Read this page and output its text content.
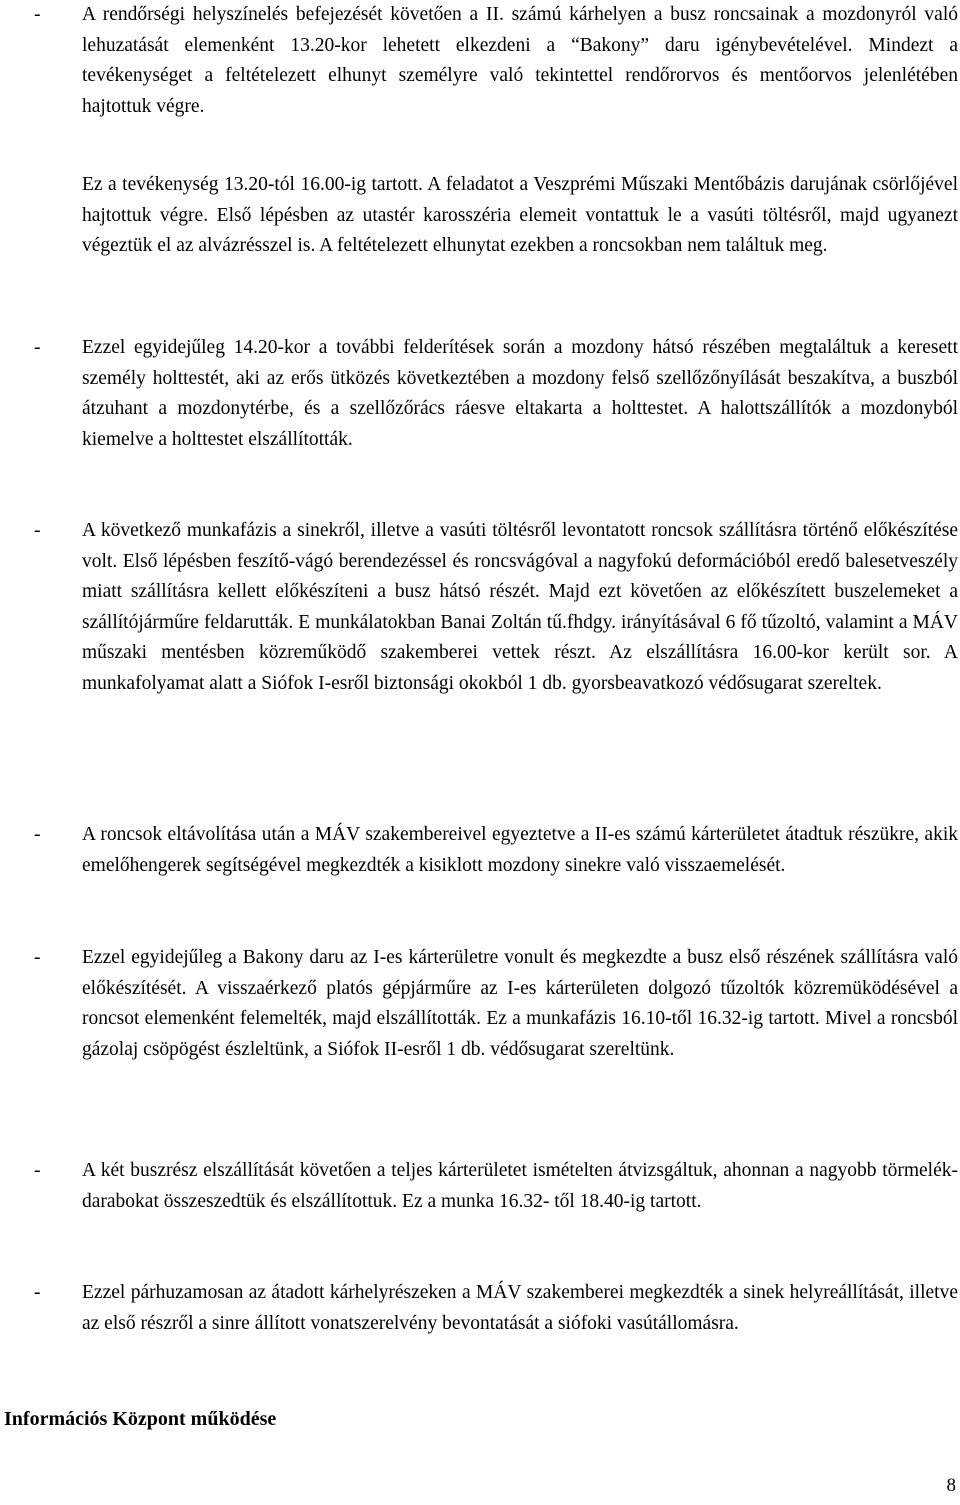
- A rendőrségi helyszínelés befejezését követően a II. számú kárhelyen a busz roncsainak a mozdonyról való lehuzatását elemenként 13.20-kor lehetett elkezdeni a “Bakony” daru igénybevételével. Mindezt a tevékenységet a feltételezett elhunyt személyre való tekintettel rendőrorvos és mentőorvos jelenlétében hajtottuk végre.
Ez a tevékenység 13.20-tól 16.00-ig tartott. A feladatot a Veszprémi Műszaki Mentőbázis darujának csörlőjével hajtottuk végre. Első lépésben az utastér karosszéria elemeit vontattuk le a vasúti töltésről, majd ugyanezt végeztük el az alvázrésszel is. A feltételezett elhunytat ezekben a roncsokban nem találtuk meg.
- Ezzel egyidejűleg 14.20-kor a további felderítések során a mozdony hátsó részében megtaláltuk a keresett személy holttestét, aki az erős ütközés következtében a mozdony felső szellőzőnyílását beszakítva, a buszból átzuhant a mozdonytérbe, és a szellőzőrács ráesve eltakarta a holttestet. A halottszállítók a mozdonyból kiemelve a holttestet elszállították.
- A következő munkafázis a sinekről, illetve a vasúti töltésről levontatott roncsok szállításra történő előkészítése volt. Első lépésben feszítő-vágó berendezéssel és roncsvágóval a nagyfokú deformációból eredő balesetveszély miatt szállításra kellett előkészíteni a busz hátsó részét. Majd ezt követően az előkészített buszelemeket a szállítójárműre feldarutták. E munkálatokban Banai Zoltán tű.fhdgy. irányításával 6 fő tűzoltó, valamint a MÁV műszaki mentésben közreműködő szakemberei vettek részt. Az elszállításra 16.00-kor került sor. A munkafolyamat alatt a Siófok I-esről biztonsági okokból 1 db. gyorsbeavatkozó védősugarat szereltek.
- A roncsok eltávolítása után a MÁV szakembereivel egyeztetve a II-es számú kárterületet átadtuk részükre, akik emelőhengerek segítségével megkezdték a kisiklott mozdony sinekre való visszaemelését.
- Ezzel egyidejűleg a Bakony daru az I-es kárterületre vonult és megkezdte a busz első részének szállításra való előkészítését. A visszaérkező platós gépjárműre az I-es kárterületen dolgozó tűzoltók közremüködésével a roncsot elemenként felemelték, majd elszállították. Ez a munkafázis 16.10-től 16.32-ig tartott. Mivel a roncsból gázolaj csöpögést észleltünk, a Siófok II-esről 1 db. védősugarat szereltünk.
- A két buszrész elszállítását követően a teljes kárterületet ismételten átvizsgáltuk, ahonnan a nagyobb törmelék-darabokat összeszedtük és elszállítottuk. Ez a munka 16.32- től 18.40-ig tartott.
- Ezzel párhuzamosan az átadott kárhelyrészeken a MÁV szakemberei megkezdték a sinek helyreállítását, illetve az első részről a sinre állított vonatszerelvény bevontatását a siófoki vasútállomásra.
Információs Központ működése
8
